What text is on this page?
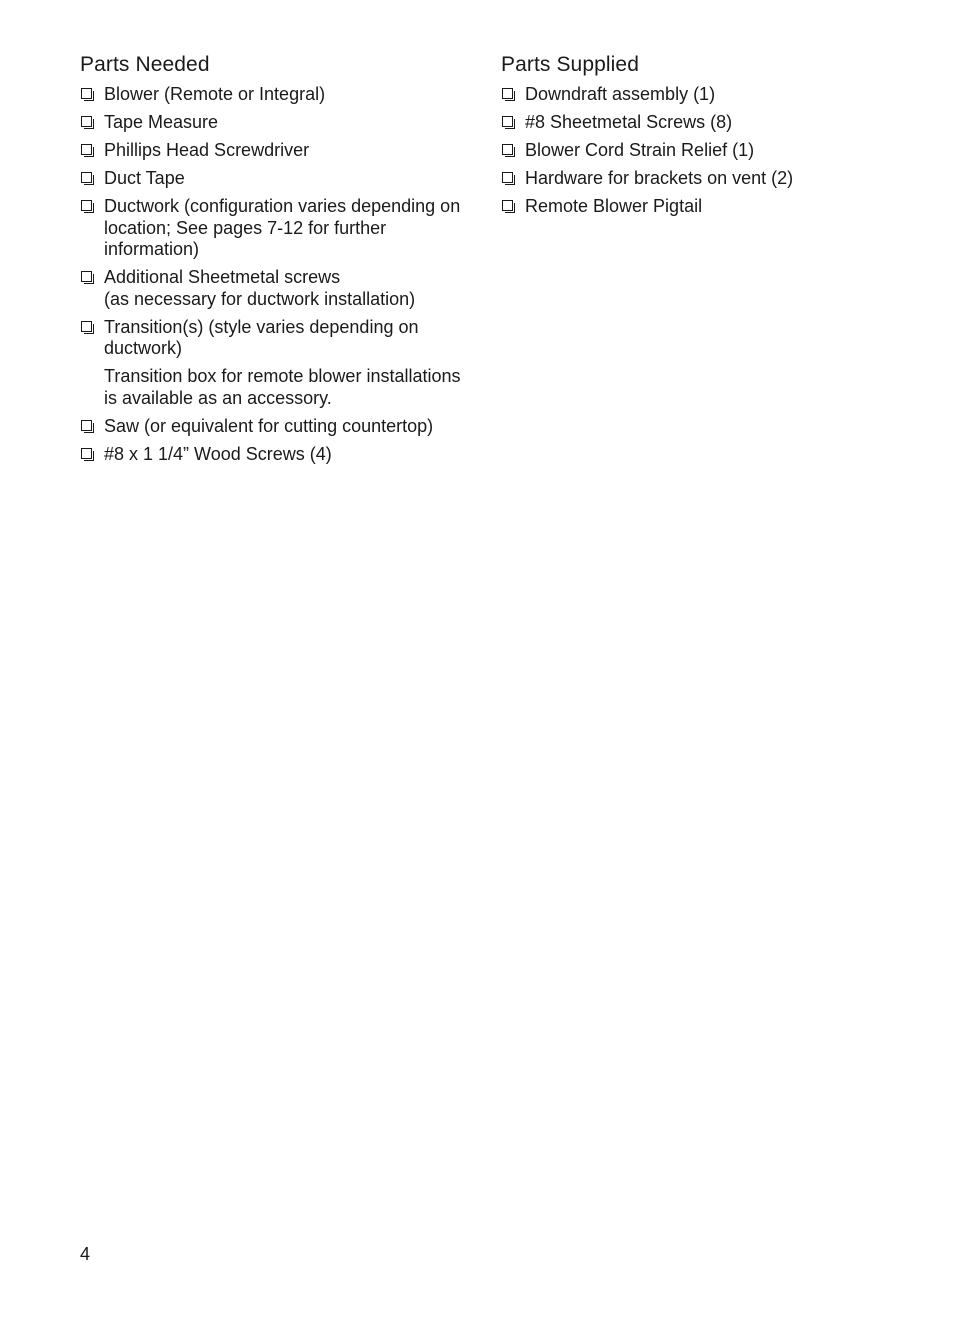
Parts Needed
Blower (Remote or Integral)
Tape Measure
Phillips Head Screwdriver
Duct Tape
Ductwork (configuration varies depending on location; See pages 7-12 for further information)
Additional Sheetmetal screws
(as necessary for ductwork installation)
Transition(s) (style varies depending on ductwork)
Transition box for remote blower installations is available as an accessory.
Saw (or equivalent for cutting countertop)
#8 x 1 1/4” Wood Screws (4)
Parts Supplied
Downdraft assembly (1)
#8 Sheetmetal Screws (8)
Blower Cord Strain Relief (1)
Hardware for brackets on vent (2)
Remote Blower Pigtail
4
